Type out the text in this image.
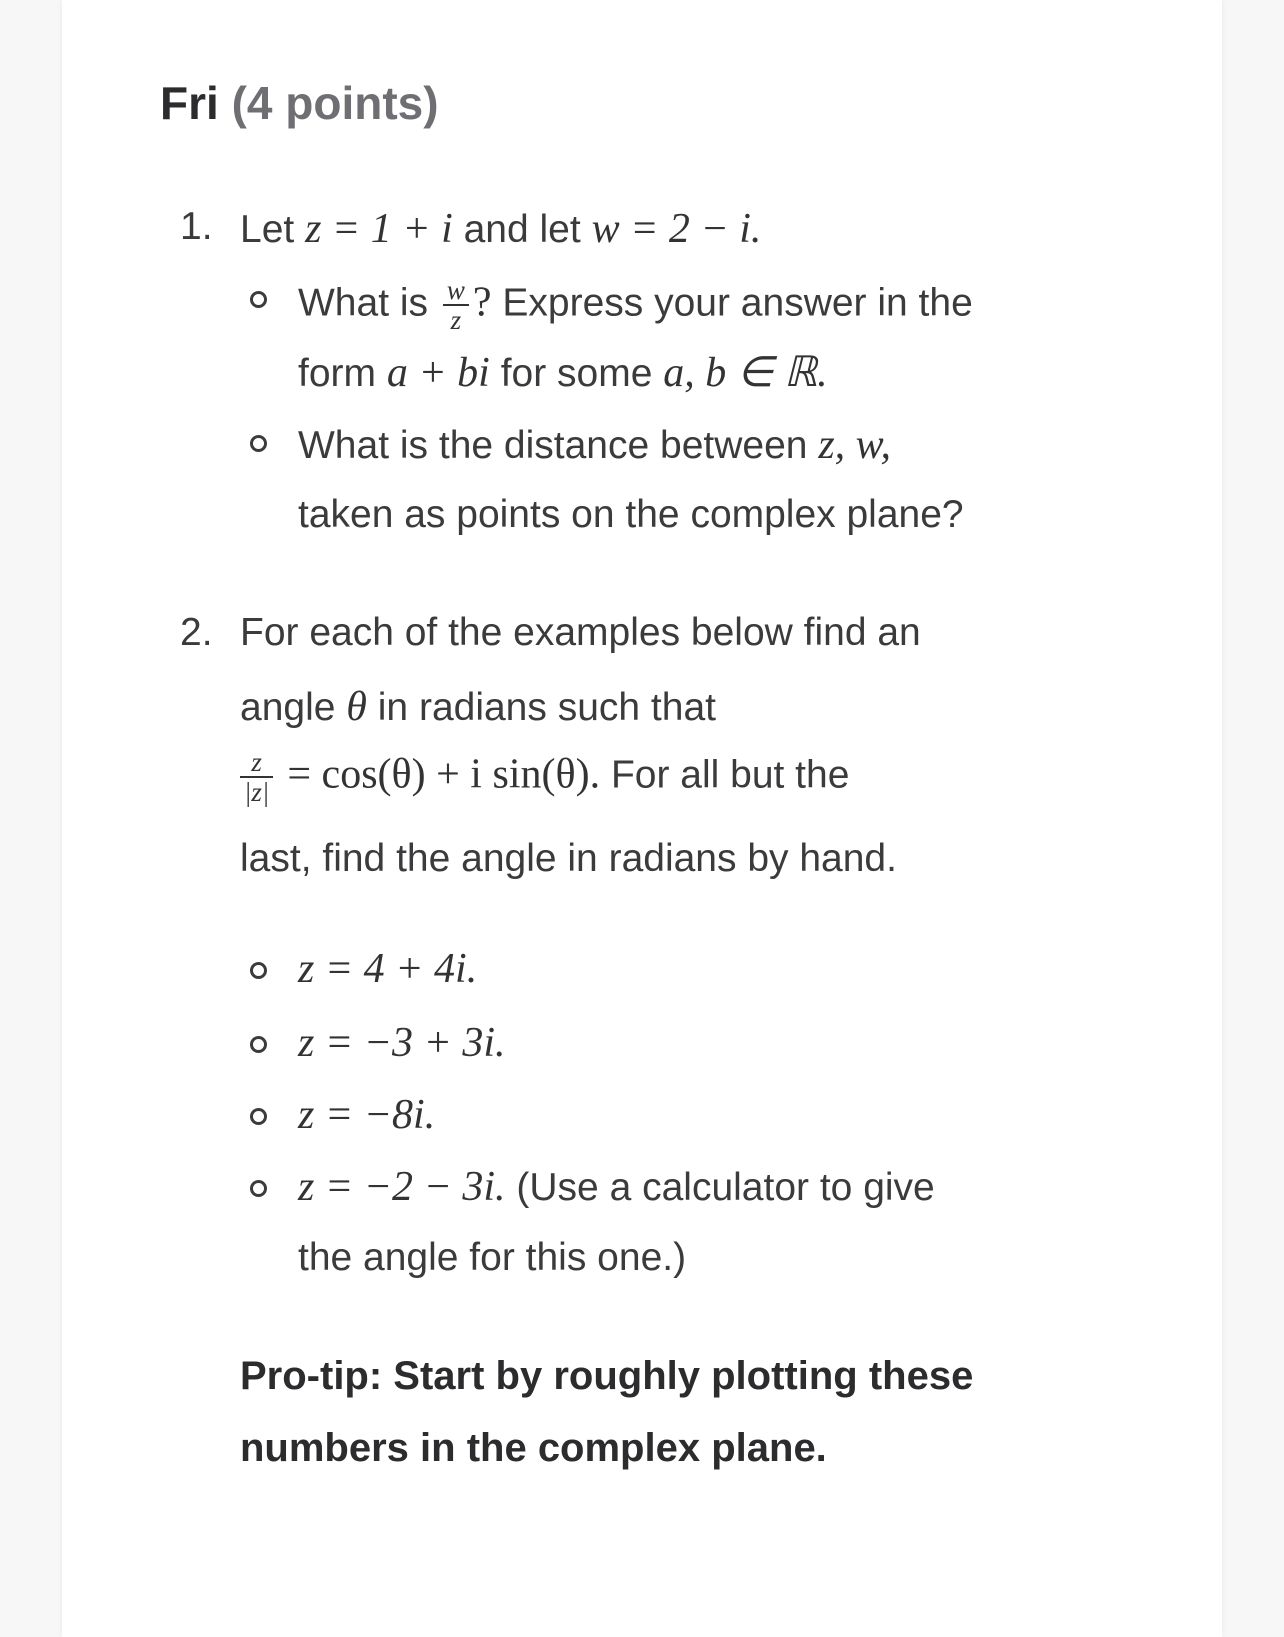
Fri (4 points)
1. Let z = 1 + i and let w = 2 − i.
What is $\frac{w}{z}$ ? Express your answer in the
form a + bi for some a, b ∈ ℝ.
What is the distance between z, w,
taken as points on the complex plane?
2. For each of the examples below find an
angle θ in radians such that
$\frac{z}{|z|} = \cos(\theta) + i$ sin(θ). For all but the
last, find the angle in radians by hand.
z = 4 + 4i.
z = −3 + 3i.
z = −8i.
z = −2 − 3i. (Use a calculator to give
the angle for this one.)
Pro-tip: Start by roughly plotting these
numbers in the complex plane.
